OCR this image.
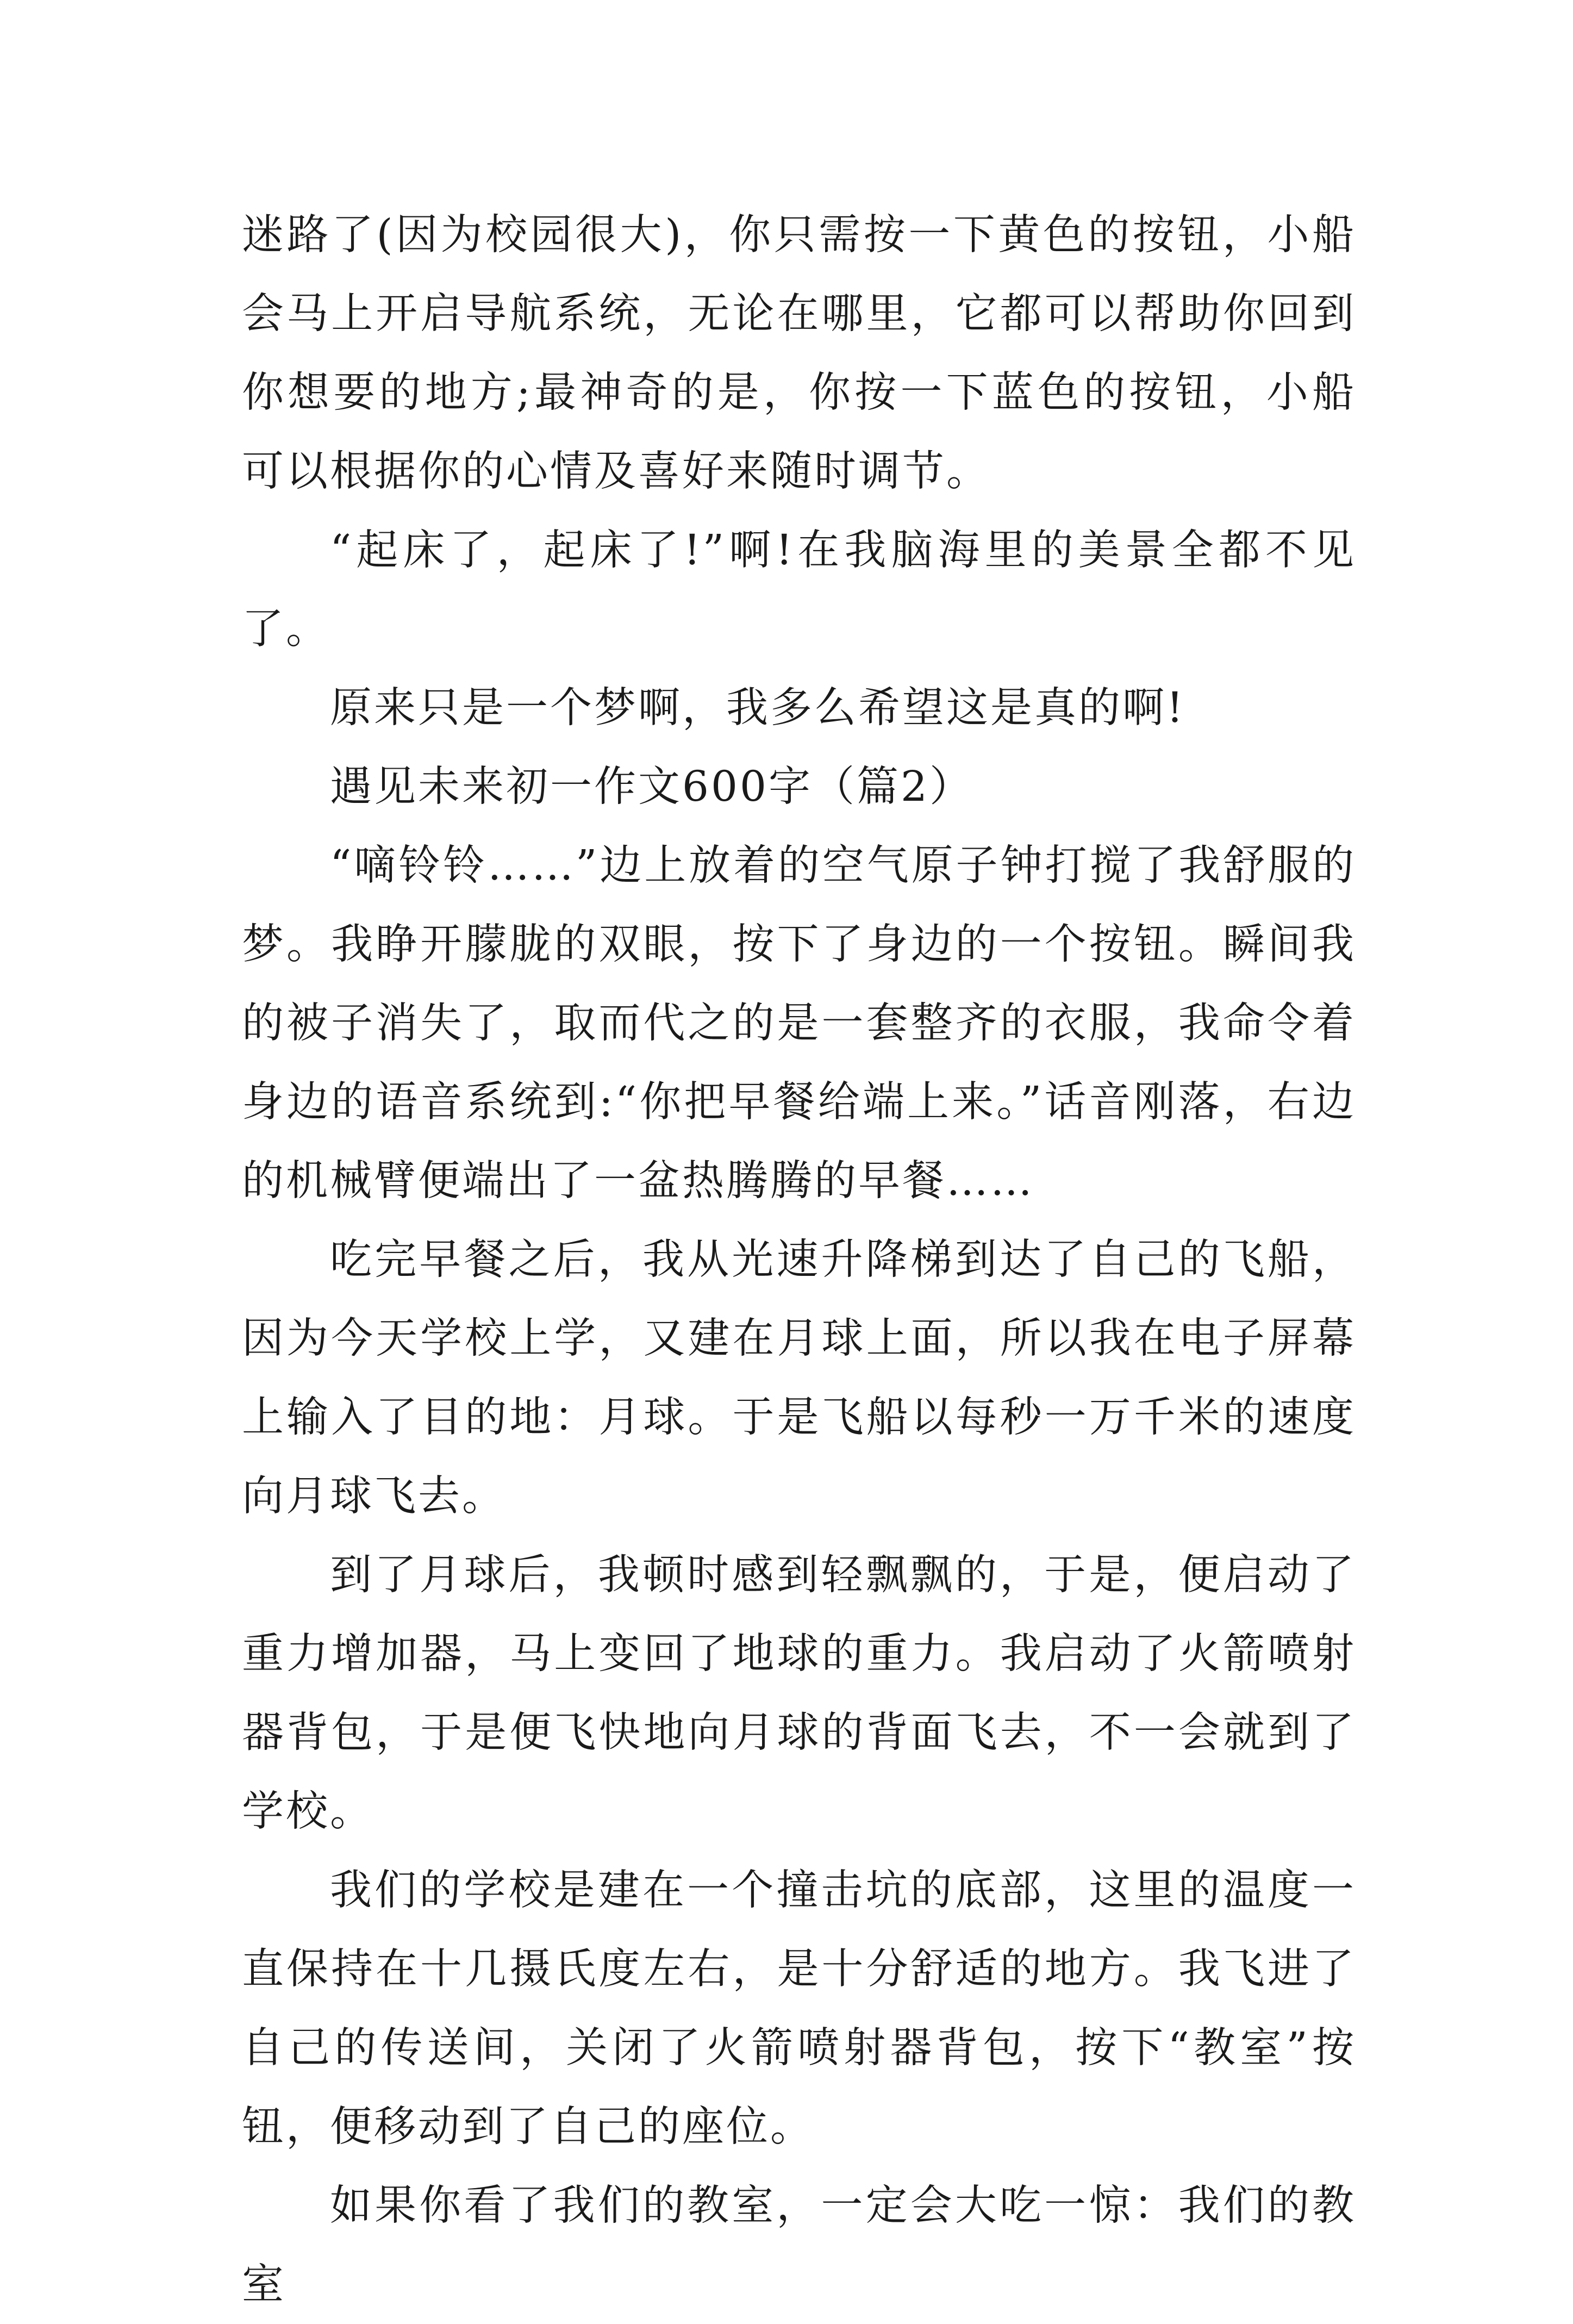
迷路了(因为校园很大)，你只需按一下黄色的按钮，小船会马上开启导航系统，无论在哪里，它都可以帮助你回到你想要的地方;最神奇的是，你按一下蓝色的按钮，小船可以根据你的心情及喜好来随时调节。

“起床了，起床了!”啊!在我脑海里的美景全都不见了。

原来只是一个梦啊，我多么希望这是真的啊!

遇见未来初一作文600字（篇2）

“嘀铃铃……”边上放着的空气原子钟打搅了我舒服的梦。我睁开朦胧的双眼，按下了身边的一个按钮。瞬间我的被子消失了，取而代之的是一套整齐的衣服，我命令着身边的语音系统到:“你把早餐给端上来。”话音刚落，右边的机械臂便端出了一盆热腾腾的早餐……

吃完早餐之后，我从光速升降梯到达了自己的飞船，因为今天学校上学，又建在月球上面，所以我在电子屏幕上输入了目的地：月球。于是飞船以每秒一万千米的速度向月球飞去。

到了月球后，我顿时感到轻飘飘的，于是，便启动了重力增加器，马上变回了地球的重力。我启动了火箭喷射器背包，于是便飞快地向月球的背面飞去，不一会就到了学校。

我们的学校是建在一个撞击坑的底部，这里的温度一直保持在十几摄氏度左右，是十分舒适的地方。我飞进了自己的传送间，关闭了火箭喷射器背包，按下“教室”按钮，便移动到了自己的座位。

如果你看了我们的教室，一定会大吃一惊：我们的教室
